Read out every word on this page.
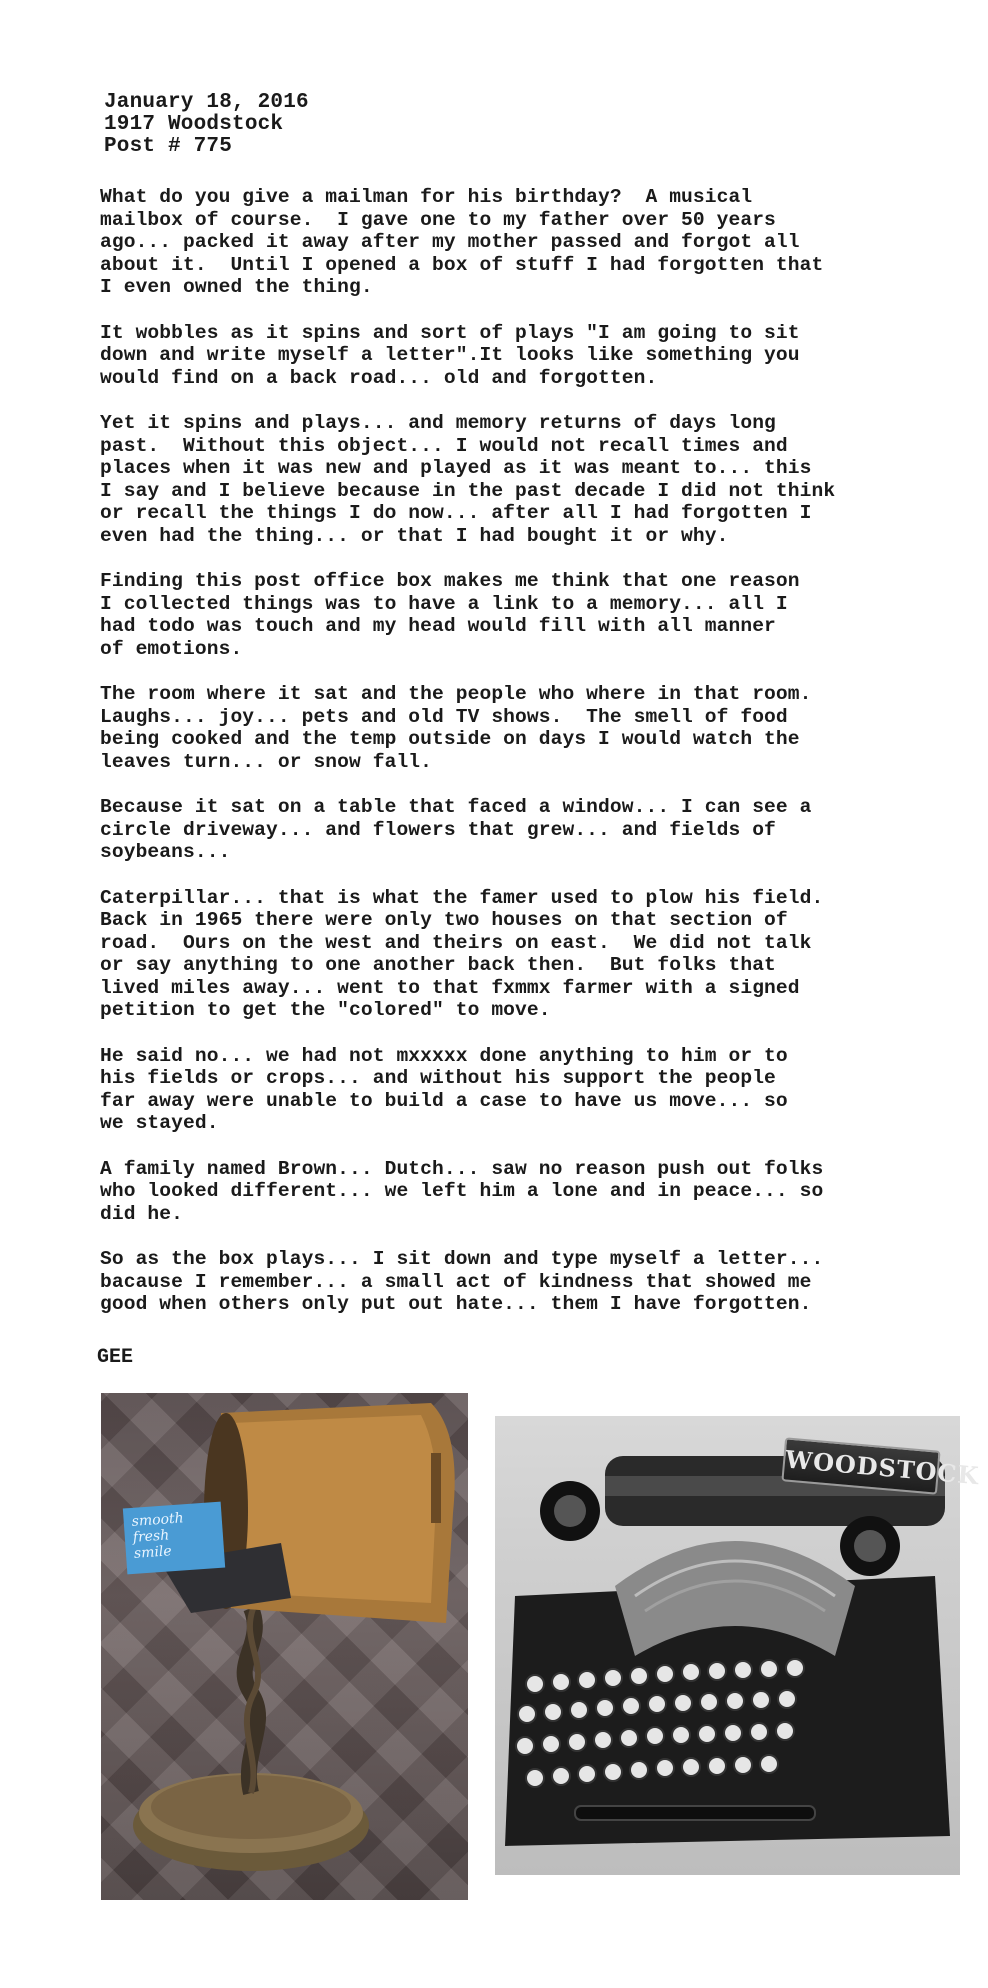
January 18, 2016
1917 Woodstock
Post # 775
What do you give a mailman for his birthday?  A musical
mailbox of course.  I gave one to my father over 50 years
ago... packed it away after my mother passed and forgot all
about it.  Until I opened a box of stuff I had forgotten that
I even owned the thing.
It wobbles as it spins and sort of plays "I am going to sit
down and write myself a letter".It looks like something you
would find on a back road... old and forgotten.
Yet it spins and plays... and memory returns of days long
past.  Without this object... I would not recall times and
places when it was new and played as it was meant to... this
I say and I believe because in the past decade I did not think
or recall the things I do now... after all I had forgotten I
even had the thing... or that I had bought it or why.
Finding this post office box makes me think that one reason
I collected things was to have a link to a memory... all I
had todo was touch and my head would fill with all manner
of emotions.
The room where it sat and the people who where in that room.
Laughs... joy... pets and old TV shows.  The smell of food
being cooked and the temp outside on days I would watch the
leaves turn... or snow fall.
Because it sat on a table that faced a window... I can see a
circle driveway... and flowers that grew... and fields of
soybeans...
Caterpillar... that is what the famer used to plow his field.
Back in 1965 there were only two houses on that section of
road.  Ours on the west and theirs on east.  We did not talk
or say anything to one another back then.  But folks that
lived miles away... went to that fxmmx farmer with a signed
petition to get the "colored" to move.
He said no... we had not mxxxxx done anything to him or to
his fields or crops... and without his support the people
far away were unable to build a case to have us move... so
we stayed.
A family named Brown... Dutch... saw no reason push out folks
who looked different... we left him a lone and in peace... so
did he.
So as the box plays... I sit down and type myself a letter...
bacause I remember... a small act of kindness that showed me
good when others only put out hate... them I have forgotten.
GEE
smooth
fresh
smile
WOODSTOCK
